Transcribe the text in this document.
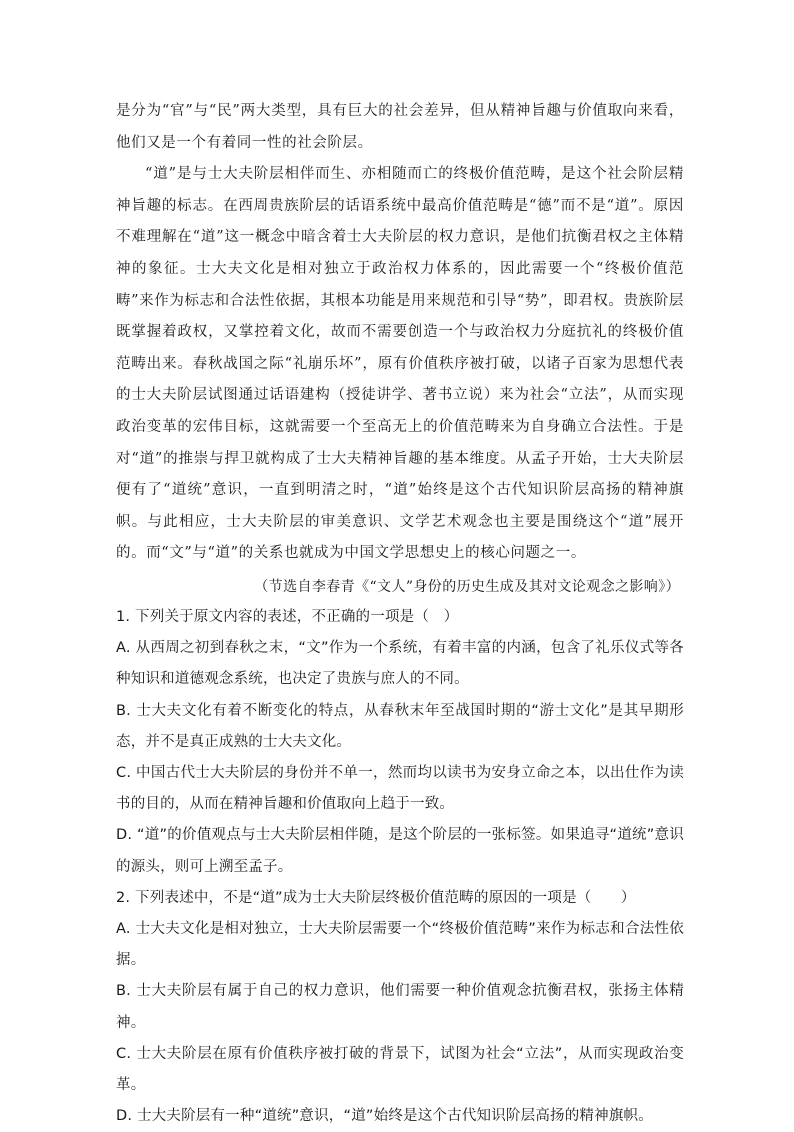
是分为“官”与“民”两大类型，具有巨大的社会差异，但从精神旨趣与价值取向来看，他们又是一个有着同一性的社会阶层。

“道”是与士大夫阶层相伴而生、亦相随而亡的终极价值范畴，是这个社会阶层精神旨趣的标志。在西周贵族阶层的话语系统中最高价值范畴是“德”而不是“道”。原因不难理解在“道”这一概念中暗含着士大夫阶层的权力意识，是他们抗衡君权之主体精神的象征。士大夫文化是相对独立于政治权力体系的，因此需要一个“终极价值范畴”来作为标志和合法性依据，其根本功能是用来规范和引导“势”，即君权。贵族阶层既掌握着政权，又掌控着文化，故而不需要创造一个与政治权力分庭抗礼的终极价值范畴出来。春秋战国之际“礼崩乐坏”，原有价值秩序被打破，以诸子百家为思想代表的士大夫阶层试图通过话语建构（授徒讲学、著书立说）来为社会“立法”，从而实现政治变革的宏伟目标，这就需要一个至高无上的价值范畴来为自身确立合法性。于是对“道”的推崇与捍卫就构成了士大夫精神旨趣的基本维度。从孟子开始，士大夫阶层便有了“道统”意识，一直到明清之时，“道”始终是这个古代知识阶层高扬的精神旗帜。与此相应，士大夫阶层的审美意识、文学艺术观念也主要是围绕这个“道”展开的。而“文”与“道”的关系也就成为中国文学思想史上的核心问题之一。

（节选自李春青《“文人”身份的历史生成及其对文论观念之影响》）

1. 下列关于原文内容的表述，不正确的一项是（　）

A. 从西周之初到春秋之末，“文”作为一个系统，有着丰富的内涵，包含了礼乐仪式等各种知识和道德观念系统，也决定了贵族与庶人的不同。

B. 士大夫文化有着不断变化的特点，从春秋末年至战国时期的“游士文化”是其早期形态，并不是真正成熟的士大夫文化。

C. 中国古代士大夫阶层的身份并不单一，然而均以读书为安身立命之本，以出仕作为读书的目的，从而在精神旨趣和价值取向上趋于一致。

D. “道”的价值观点与士大夫阶层相伴随，是这个阶层的一张标签。如果追寻“道统”意识的源头，则可上溯至孟子。

2. 下列表述中，不是“道”成为士大夫阶层终极价值范畴的原因的一项是（　　）

A. 士大夫文化是相对独立，士大夫阶层需要一个“终极价值范畴”来作为标志和合法性依据。

B. 士大夫阶层有属于自己的权力意识，他们需要一种价值观念抗衡君权，张扬主体精神。

C. 士大夫阶层在原有价值秩序被打破的背景下，试图为社会“立法”，从而实现政治变革。

D. 士大夫阶层有一种“道统”意识，“道”始终是这个古代知识阶层高扬的精神旗帜。
